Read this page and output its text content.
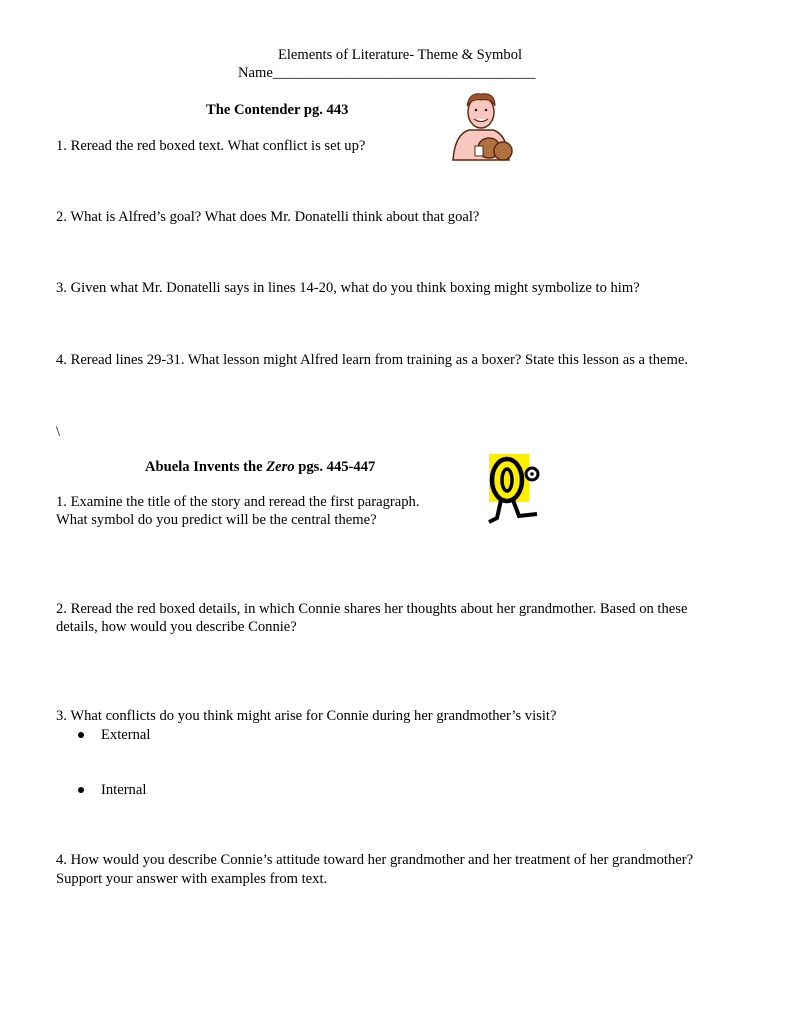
Elements of Literature- Theme & Symbol
Name____________________________________
The Contender pg. 443
1. Reread the red boxed text. What conflict is set up?
2. What is Alfred’s goal? What does Mr. Donatelli think about that goal?
3. Given what Mr. Donatelli says in lines 14-20, what do you think boxing might symbolize to him?
4. Reread lines 29-31. What lesson might Alfred learn from training as a boxer? State this lesson as a theme.
\
Abuela Invents the Zero pgs. 445-447
1. Examine the title of the story and reread the first paragraph.
What symbol do you predict will be the central theme?
2. Reread the red boxed details, in which Connie shares her thoughts about her grandmother. Based on these
details, how would you describe Connie?
3. What conflicts do you think might arise for Connie during her grandmother’s visit?
External
Internal
4. How would you describe Connie’s attitude toward her grandmother and her treatment of her grandmother?
Support your answer with examples from text.
